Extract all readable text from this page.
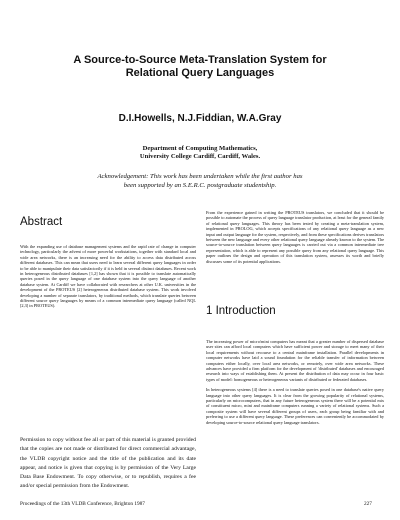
A Source-to-Source Meta-Translation System for
Relational Query Languages
D.I.Howells, N.J.Fiddian, W.A.Gray
Department of Computing Mathematics,
University College Cardiff, Cardiff, Wales.
Acknowledgement: This work has been undertaken while the first author has
been supported by an S.E.R.C. postgraduate studentship.
Abstract

With the expanding use of database management systems and the rapid rate of change in computer technology, particularly the advent of more powerful workstations, together with standard local and wide area networks, there is an increasing need for the ability to access data distributed across different databases. This can mean that users need to learn several different query languages in order to be able to manipulate their data satisfactorily if it is held in several distinct databases. Recent work in heterogeneous distributed databases [1,2] has shown that it is possible to translate automatically queries posed in the query language of one database system into the query language of another database system. At Cardiff we have collaborated with researchers at other U.K. universities in the development of the PROTEUS [2] heterogeneous distributed database system. This work involved developing a number of separate translators, by traditional methods, which translate queries between different source query languages by means of a common intermediate query language (called NQL [2,3] in PROTEUS).

Permission to copy without fee all or part of this material is granted provided that the copies are not made or distributed for direct commercial advantage, the VLDB copyright notice and the title of the publication and its date appear, and notice is given that copying is by permission of the Very Large Data Base Endowment. To copy otherwise, or to republish, requires a fee and/or special permission from the Endowment.

From the experience gained in writing the PROTEUS translators, we concluded that it should be possible to automate the process of query language translator production, at least for the general family of relational query languages. This theory has been tested by creating a meta-translation system, implemented in PROLOG, which accepts specifications of any relational query language as a new input and output language for the system, respectively, and from these specifications derives translators between the new language and every other relational query language already known to the system. The source-to-source translation between query languages is carried out via a common intermediate tree representation, which is able to represent any possible query from any relational query language. This paper outlines the design and operation of this translation system, assesses its worth and briefly discusses some of its potential applications.

1 Introduction

The increasing power of micro/mini computers has meant that a greater number of dispersed database user sites can afford local computers which have sufficient power and storage to meet many of their local requirements without recourse to a central mainframe installation. Parallel developments in computer networks have laid a sound foundation for the reliable transfer of information between computers either locally, over local area networks, or remotely, over wide area networks. These advances have provided a firm platform for the development of 'distributed' databases and encouraged research into ways of establishing them. At present the distribution of data may occur in four basic types of model: homogeneous or heterogeneous variants of distributed or federated databases.

In heterogeneous systems [4] there is a need to translate queries posed in one database's native query language into other query languages. It is clear from the growing popularity of relational systems, particularly on microcomputers, that in any future heterogeneous system there will be a potential mix of constituent micro, mini and mainframe computers running a variety of relational systems. Such a composite system will have several different groups of users, each group being familiar with and preferring to use a different query language. These preferences can conveniently be accommodated by developing source-to-source relational query language translators.

Proceedings of the 13th VLDB Conference, Brighton 1987	227
